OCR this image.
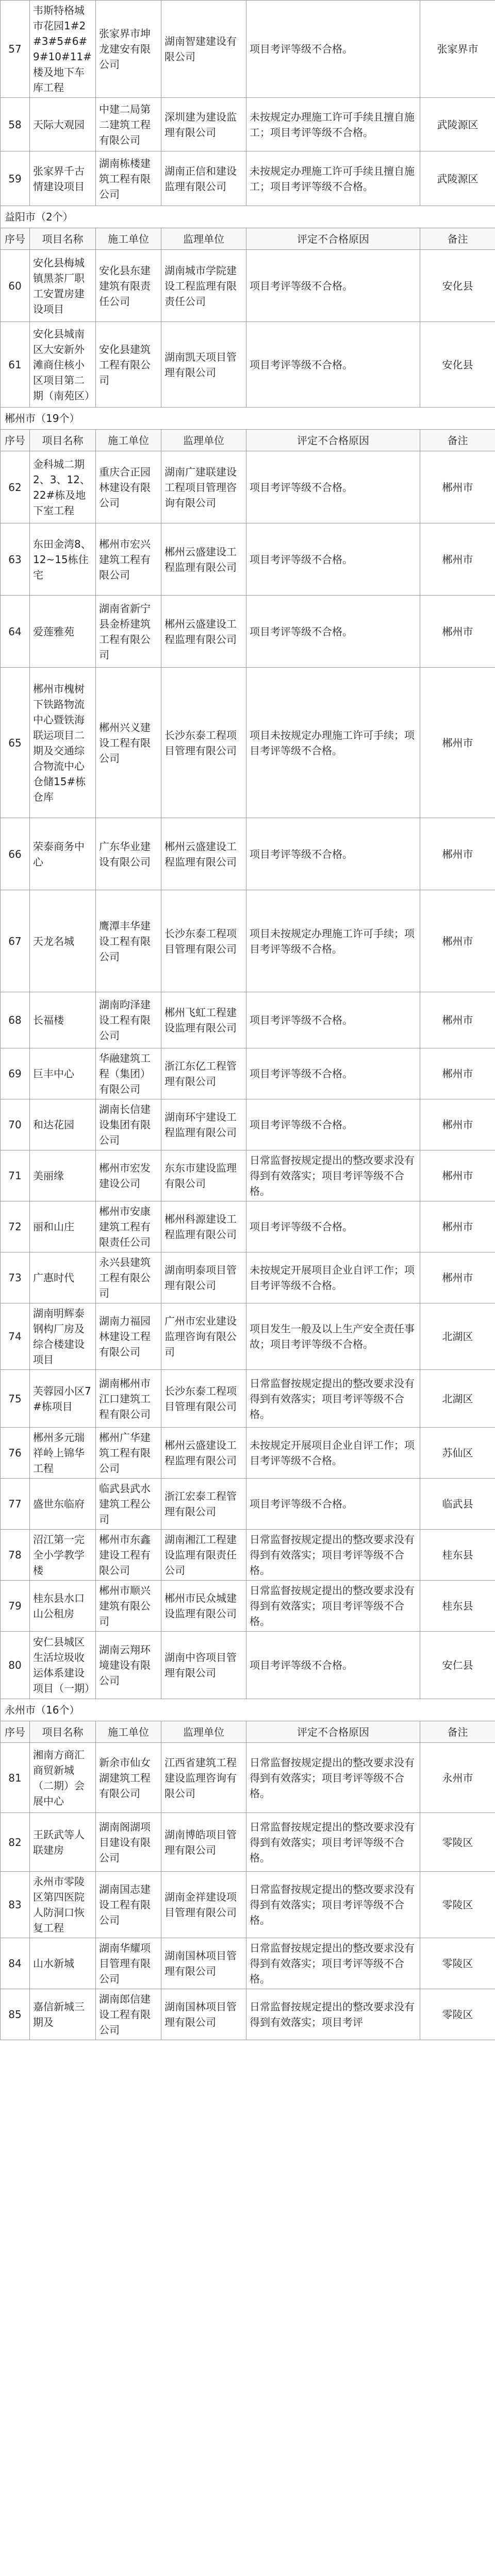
57	韦斯特格城市花园1#2#3#5#6#9#10#11#楼及地下车库工程	张家界市坤龙建安有限公司	湖南智建建设有限公司	项目考评等级不合格。	张家界市
58	天际大观园	中建二局第二建筑工程有限公司	深圳建为建设监理有限公司	未按规定办理施工许可手续且擅自施工；项目考评等级不合格。	武陵源区
59	张家界千古情建设项目	湖南栋楼建筑工程有限公司	湖南正信和建设监理有限公司	未按规定办理施工许可手续且擅自施工；项目考评等级不合格。	武陵源区
益阳市（2个）					
序号	项目名称	施工单位	监理单位	评定不合格原因	备注
60	安化县梅城镇黑茶厂职工安置房建设项目	安化县东建建筑有限责任公司	湖南城市学院建设工程监理有限责任公司	项目考评等级不合格。	安化县
61	安化县城南区大安新外滩商住核小区项目第二期（南苑区）	安化县建筑工程有限公司	湖南凯天项目管理有限公司	项目考评等级不合格。	安化县
郴州市（19个）					
序号	项目名称	施工单位	监理单位	评定不合格原因	备注
62	金科城二期2、3、12、22#栋及地下室工程	重庆合正园林建设有限公司	湖南广建联建设工程项目管理咨询有限公司	项目考评等级不合格。	郴州市
63	东田金湾8、12~15栋住宅	郴州市宏兴建筑工程有限公司	郴州云盛建设工程监理有限公司	项目考评等级不合格。	郴州市
64	爱莲雅苑	湖南省新宁县金桥建筑工程有限公司	郴州云盛建设工程监理有限公司	项目考评等级不合格。	郴州市
65	郴州市槐树下铁路物流中心暨铁海联运项目二期及交通综合物流中心仓储15#栋仓库	郴州兴义建设工程有限公司	长沙东泰工程项目管理有限公司	项目未按规定办理施工许可手续；项目考评等级不合格。	郴州市
66	荣泰商务中心	广东华业建设有限公司	郴州云盛建设工程监理有限公司	项目考评等级不合格。	郴州市
67	天龙名城	鹰潭丰华建设工程有限公司	长沙东泰工程项目管理有限公司	项目未按规定办理施工许可手续；项目考评等级不合格。	郴州市
68	长福楼	湖南昀泽建设工程有限公司	郴州飞虹工程建设监理有限公司	项目考评等级不合格。	郴州市
69	巨丰中心	华融建筑工程（集团）有限公司	浙江东亿工程管理有限公司	项目考评等级不合格。	郴州市
70	和达花园	湖南长信建设集团有限公司	湖南环宇建设工程监理有限公司	项目考评等级不合格。	郴州市
71	美丽缘	郴州市宏发建设公司	东东市建设监理有限公司	日常监督按规定提出的整改要求没有得到有效落实；项目考评等级不合格。	郴州市
72	丽和山庄	郴州市安康建筑工程有限责任公司	郴州科源建设工程监理有限公司	项目考评等级不合格。	郴州市
73	广惠时代	永兴县建筑工程有限公司	湖南明泰项目管理有限公司	未按规定开展项目企业自评工作；项目考评等级不合格。	郴州市
74	湖南明辉泰钢构厂房及综合楼建设项目	湖南力福园林建设工程有限公司	广州市宏业建设监理咨询有限公司	项目发生一般及以上生产安全责任事故；项目考评等级不合格。	北湖区
75	芙蓉园小区7#栋项目	湖南郴州市江口建筑工程有限公司	长沙东泰工程项目管理有限公司	日常监督按规定提出的整改要求没有得到有效落实；项目考评等级不合格。	北湖区
76	郴州多元瑞祥岭上锦华工程	郴州广华建筑工程有限公司	郴州云盛建设工程监理有限公司	未按规定开展项目企业自评工作；项目考评等级不合格。	苏仙区
77	盛世东临府	临武县武水建筑工程公司	浙江宏泰工程管理有限公司	项目考评等级不合格。	临武县
78	沼江第一完全小学教学楼	郴州市东鑫建设工程有限公司	湖南湘江工程建设监理有限责任公司	日常监督按规定提出的整改要求没有得到有效落实；项目考评等级不合格。	桂东县
79	桂东县水口山公租房	郴州市顺兴建筑有限公司	郴州市民众城建设监理有限公司	日常监督按规定提出的整改要求没有得到有效落实；项目考评等级不合格。	桂东县
80	安仁县城区生活垃圾收运体系建设项目（一期）	湖南云翔环境建设有限公司	湖南中咨项目管理有限公司	项目考评等级不合格。	安仁县
永州市（16个）					
序号	项目名称	施工单位	监理单位	评定不合格原因	备注
81	湘南方商汇商贸新城（二期）会展中心	新余市仙女湖建筑工程有限公司	江西省建筑工程建设监理咨询有限公司	日常监督按规定提出的整改要求没有得到有效落实；项目考评等级不合格。	永州市
82	王跃武等人联建房	湖南阁湖项目建设有限公司	湖南博皓项目管理有限公司	日常监督按规定提出的整改要求没有得到有效落实；项目考评等级不合格。	零陵区
83	永州市零陵区第四医院人防洞口恢复工程	湖南国志建设工程有限公司	湖南金祥建设项目管理有限公司	日常监督按规定提出的整改要求没有得到有效落实；项目考评等级不合格。	零陵区
84	山水新城	湖南华耀项目管理有限公司	湖南国林项目管理有限公司	日常监督按规定提出的整改要求没有得到有效落实；项目考评等级不合格。	零陵区
85	嘉信新城三期及	湖南郎信建设工程有限公司	湖南国林项目管理有限公司	日常监督按规定提出的整改要求没有得到有效落实；项目考评	零陵区
